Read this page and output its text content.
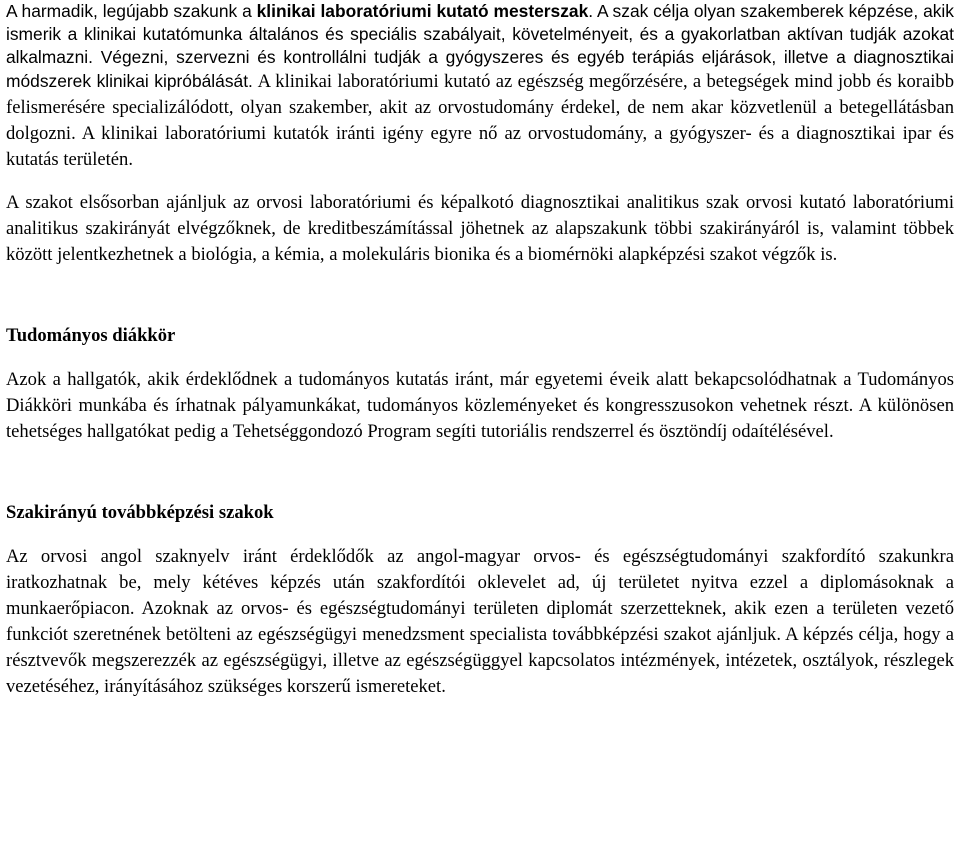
A harmadik, legújabb szakunk a klinikai laboratóriumi kutató mesterszak. A szak célja olyan szakemberek képzése, akik ismerik a klinikai kutatómunka általános és speciális szabályait, követelményeit, és a gyakorlatban aktívan tudják azokat alkalmazni. Végezni, szervezni és kontrollálni tudják a gyógyszeres és egyéb terápiás eljárások, illetve a diagnosztikai módszerek klinikai kipróbálását. A klinikai laboratóriumi kutató az egészség megőrzésére, a betegségek mind jobb és koraibb felismerésére specializálódott, olyan szakember, akit az orvostudomány érdekel, de nem akar közvetlenül a betegellátásban dolgozni. A klinikai laboratóriumi kutatók iránti igény egyre nő az orvostudomány, a gyógyszer- és a diagnosztikai ipar és kutatás területén.

A szakot elsősorban ajánljuk az orvosi laboratóriumi és képalkotó diagnosztikai analitikus szak orvosi kutató laboratóriumi analitikus szakirányát elvégzőknek, de kreditbeszámítással jöhetnek az alapszakunk többi szakirányáról is, valamint többek között jelentkezhetnek a biológia, a kémia, a molekuláris bionika és a biomérnöki alapképzési szakot végzők is.

Tudományos diákkör

Azok a hallgatók, akik érdeklődnek a tudományos kutatás iránt, már egyetemi éveik alatt bekapcsolódhatnak a Tudományos Diákköri munkába és írhatnak pályamunkákat, tudományos közleményeket és kongresszusokon vehetnek részt. A különösen tehetséges hallgatókat pedig a Tehetséggondozó Program segíti tutoriális rendszerrel és ösztöndíj odaítélésével.

Szakirányú továbbképzési szakok

Az orvosi angol szaknyelv iránt érdeklődők az angol-magyar orvos- és egészségtudományi szakfordító szakunkra iratkozhatnak be, mely kétéves képzés után szakfordítói oklevelet ad, új területet nyitva ezzel a diplomásoknak a munkaerőpiacon. Azoknak az orvos- és egészségtudományi területen diplomát szerzetteknek, akik ezen a területen vezető funkciót szeretnének betölteni az egészségügyi menedzsment specialista továbbképzési szakot ajánljuk. A képzés célja, hogy a résztvevők megszerezzék az egészségügyi, illetve az egészségüggyel kapcsolatos intézmények, intézetek, osztályok, részlegek vezetéséhez, irányításához szükséges korszerű ismereteket.
